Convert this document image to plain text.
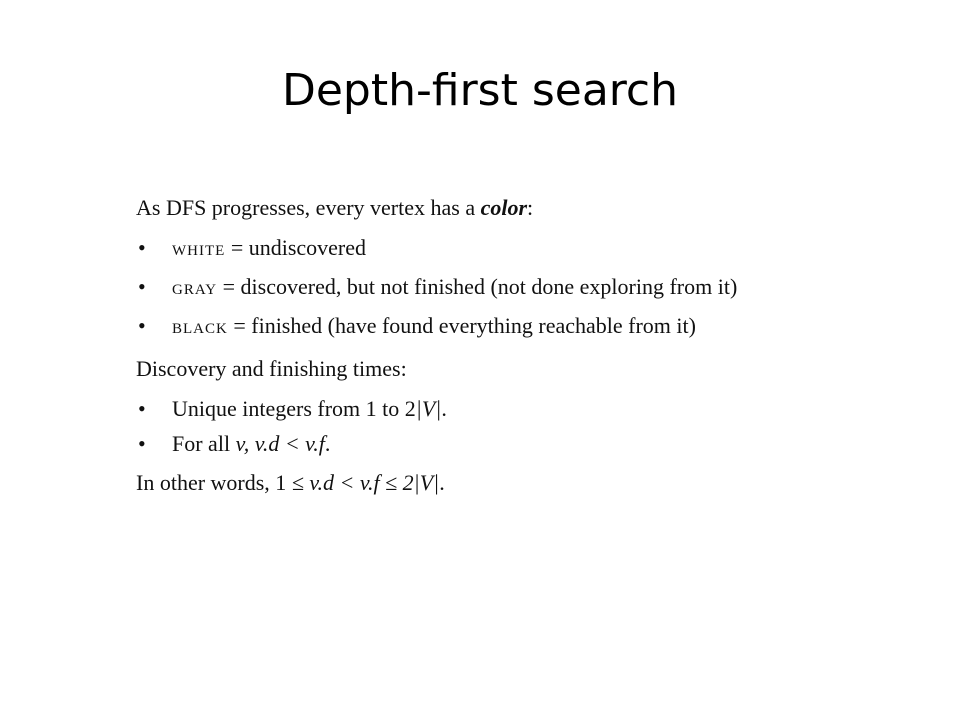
Depth-first search

As DFS progresses, every vertex has a color:

• WHITE = undiscovered
• GRAY = discovered, but not finished (not done exploring from it)
• BLACK = finished (have found everything reachable from it)

Discovery and finishing times:

• Unique integers from 1 to 2|V|.
• For all v, v.d < v.f.

In other words, 1 ≤ v.d < v.f ≤ 2|V|.
